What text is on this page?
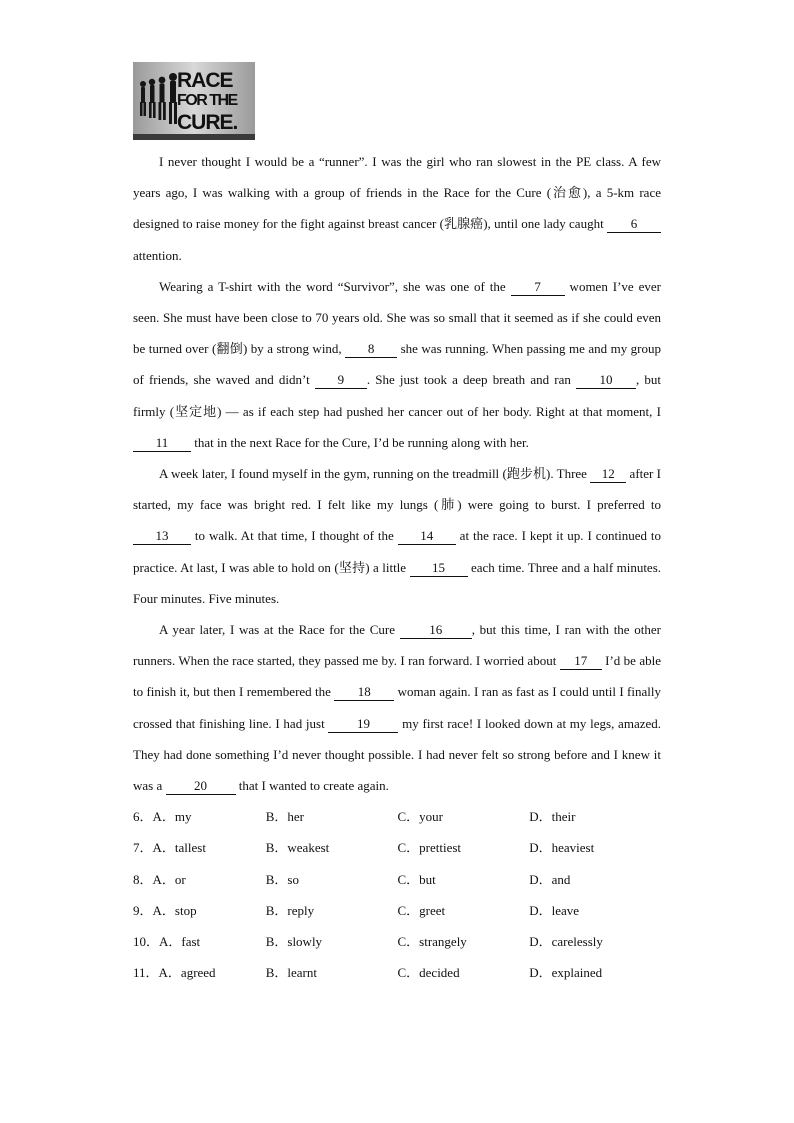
RACE
FOR THE
CURE.

I never thought I would be a “runner”. I was the girl who ran slowest in the PE class. A few years ago, I was walking with a group of friends in the Race for the Cure (治愈), a 5-km race designed to raise money for the fight against breast cancer (乳腺癌), until one lady caught 6 attention.

Wearing a T-shirt with the word “Survivor”, she was one of the 7 women I’ve ever seen. She must have been close to 70 years old. She was so small that it seemed as if she could even be turned over (翻倒) by a strong wind, 8 she was running. When passing me and my group of friends, she waved and didn’t 9 . She just took a deep breath and ran 10 , but firmly (坚定地) — as if each step had pushed her cancer out of her body. Right at that moment, I 11 that in the next Race for the Cure, I’d be running along with her.

A week later, I found myself in the gym, running on the treadmill (跑步机). Three 12 after I started, my face was bright red. I felt like my lungs (肺) were going to burst. I preferred to 13 to walk. At that time, I thought of the 14 at the race. I kept it up. I continued to practice. At last, I was able to hold on (坚持) a little 15 each time. Three and a half minutes. Four minutes. Five minutes.

A year later, I was at the Race for the Cure 16 , but this time, I ran with the other runners. When the race started, they passed me by. I ran forward. I worried about 17 I’d be able to finish it, but then I remembered the 18 woman again. I ran as fast as I could until I finally crossed that finishing line. I had just 19 my first race! I looked down at my legs, amazed. They had done something I’d never thought possible. I had never felt so strong before and I knew it was a 20 that I wanted to create again.

6．A．my	B．her	C．your	D．their
7．A．tallest	B．weakest	C．prettiest	D．heaviest
8．A．or	B．so	C．but	D．and
9．A．stop	B．reply	C．greet	D．leave
10．A．fast	B．slowly	C．strangely	D．carelessly
11．A．agreed	B．learnt	C．decided	D．explained
